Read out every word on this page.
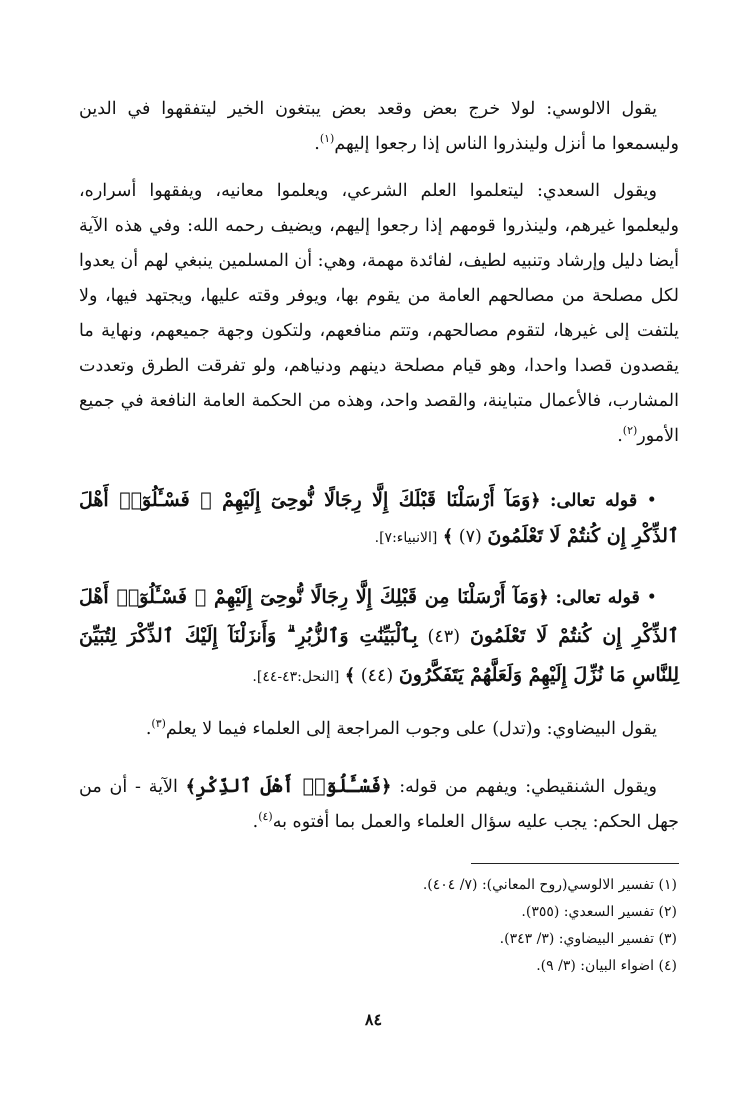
يقول الالوسي: لولا خرج بعض وقعد بعض يبتغون الخير ليتفقهوا في الدين وليسمعوا ما أنزل ولينذروا الناس إذا رجعوا إليهم$^{(١)}$.

ويقول السعدي: ليتعلموا العلم الشرعي، ويعلموا معانيه، ويفقهوا أسراره، وليعلموا غيرهم، ولينذروا قومهم إذا رجعوا إليهم، ويضيف رحمه الله: وفي هذه الآية أيضا دليل وإرشاد وتنبيه لطيف، لفائدة مهمة، وهي: أن المسلمين ينبغي لهم أن يعدوا لكل مصلحة من مصالحهم العامة من يقوم بها، ويوفر وقته عليها، ويجتهد فيها، ولا يلتفت إلى غيرها، لتقوم مصالحهم، وتتم منافعهم، ولتكون وجهة جميعهم، ونهاية ما يقصدون قصدا واحدا، وهو قيام مصلحة دينهم ودنياهم، ولو تفرقت الطرق وتعددت المشارب، فالأعمال متباينة، والقصد واحد، وهذه من الحكمة العامة النافعة في جميع الأمور$^{(٢)}$.

• قوله تعالى: ﴿وَمَآ أَرْسَلْنَا قَبْلَكَ إِلَّا رِجَالًا نُّوحِىٓ إِلَيْهِمْ ۖ فَسْـَٔلُوٓا۟ أَهْلَ ٱلذِّكْرِ إِن كُنتُمْ لَا تَعْلَمُونَ (٧) ﴾ [الانبياء:٧].

• قوله تعالى: ﴿وَمَآ أَرْسَلْنَا مِن قَبْلِكَ إِلَّا رِجَالًا نُّوحِىٓ إِلَيْهِمْ ۚ فَسْـَٔلُوٓا۟ أَهْلَ ٱلذِّكْرِ إِن كُنتُمْ لَا تَعْلَمُونَ (٤٣) بِٱلْبَيِّنَٰتِ وَٱلزُّبُرِ ۗ وَأَنزَلْنَآ إِلَيْكَ ٱلذِّكْرَ لِتُبَيِّنَ لِلنَّاسِ مَا نُزِّلَ إِلَيْهِمْ وَلَعَلَّهُمْ يَتَفَكَّرُونَ (٤٤) ﴾ [النحل:٤٣-٤٤].

يقول البيضاوي: و(تدل) على وجوب المراجعة إلى العلماء فيما لا يعلم$^{(٣)}$.

ويقول الشنقيطي: ويفهم من قوله: ﴿فَسْـَٔلُوٓا۟ أَهْلَ ٱلذِّكْرِ﴾ الآية - أن من جهل الحكم: يجب عليه سؤال العلماء والعمل بما أفتوه به$^{(٤)}$.

(١) تفسير الالوسي(روح المعاني): (٧/ ٤٠٤).
(٢) تفسير السعدي: (٣٥٥).
(٣) تفسير البيضاوي: (٣/ ٣٤٣).
(٤) اضواء البيان: (٣/ ٩).
٨٤
